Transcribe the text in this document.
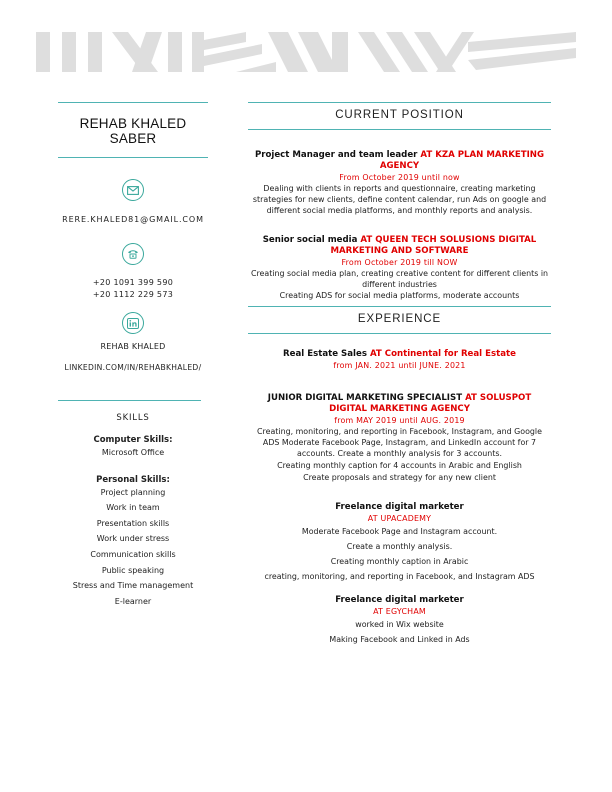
REHAB KHALED SABER
RERE.KHALED81@GMAIL.COM
+20 1091 399 590
+20 1112 229 573
REHAB KHALED
LINKEDIN.COM/IN/REHABKHALED/
SKILLS
Computer Skills:
Microsoft Office
Personal Skills:
Project planning
Work in team
Presentation skills
Work under stress
Communication skills
Public speaking
Stress and Time management
E-learner
CURRENT POSITION
Project Manager and team leader AT KZA PLAN MARKETING AGENCY
From October 2019 until now
Dealing with clients in reports and questionnaire, creating marketing strategies for new clients, define content calendar, run Ads on google and different social media platforms, and monthly reports and analysis.
Senior social media AT QUEEN TECH SOLUSIONS DIGITAL MARKETING AND SOFTWARE
From October 2019 till NOW
Creating social media plan, creating creative content for different clients in different industries
Creating ADS for social media platforms, moderate accounts
EXPERIENCE
Real Estate Sales AT Continental for Real Estate
from JAN. 2021 until JUNE. 2021
JUNIOR DIGITAL MARKETING SPECIALIST AT SOLUSPOT DIGITAL MARKETING AGENCY
from MAY 2019 until AUG. 2019
Creating, monitoring, and reporting in Facebook, Instagram, and Google ADS Moderate Facebook Page, Instagram, and LinkedIn account for 7 accounts. Create a monthly analysis for 3 accounts.
Creating monthly caption for 4 accounts in Arabic and English
Create proposals and strategy for any new client
Freelance digital marketer
AT UPACADEMY
Moderate Facebook Page and Instagram account.
Create a monthly analysis.
Creating monthly caption in Arabic
creating, monitoring, and reporting in Facebook, and Instagram ADS
Freelance digital marketer
AT EGYCHAM
worked in Wix website
Making Facebook and Linked in Ads
